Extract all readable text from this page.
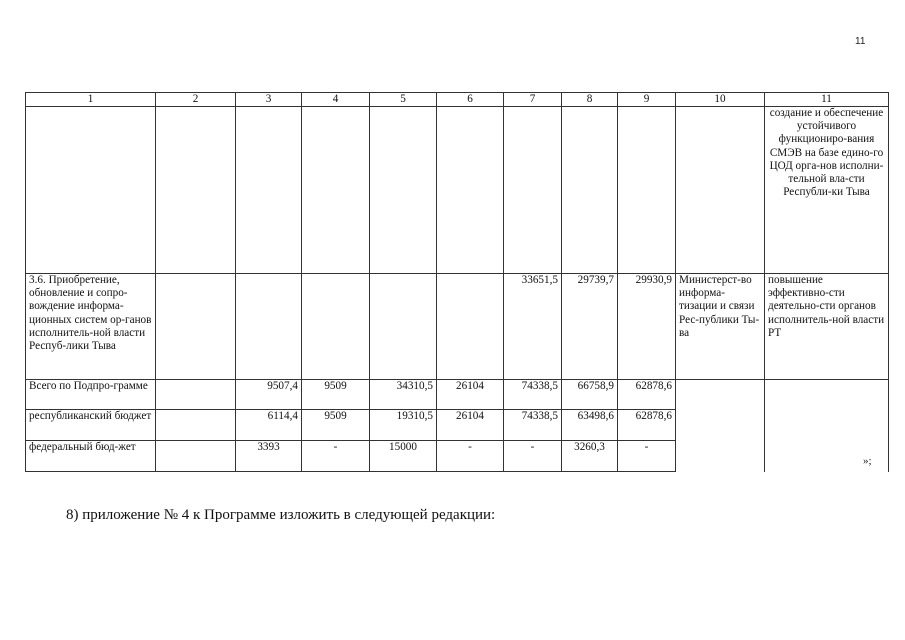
11
1	2	3	4	5	6	7	8	9	10	11
										создание и обеспечение устойчивого функциониро-вания СМЭВ на базе едино-го ЦОД орга-нов исполни-тельной вла-сти Республи-ки Тыва
3.6. Приобретение, обновление и сопро-вождение информа-ционных систем ор-ганов исполнитель-ной власти Респуб-лики Тыва						33651,5	29739,7	29930,9	Министерст-во информа-тизации и связи Рес-публики Ты-ва	повышение эффективно-сти деятельно-сти органов исполнитель-ной власти РТ
Всего по Подпро-грамме		9507,4	9509	34310,5	26104	74338,5	66758,9	62878,6		
республиканский бюджет		6114,4	9509	19310,5	26104	74338,5	63498,6	62878,6		
федеральный бюд-жет		3393	-	15000	-	-	3260,3	-		
»;
8) приложение № 4 к Программе изложить в следующей редакции:
